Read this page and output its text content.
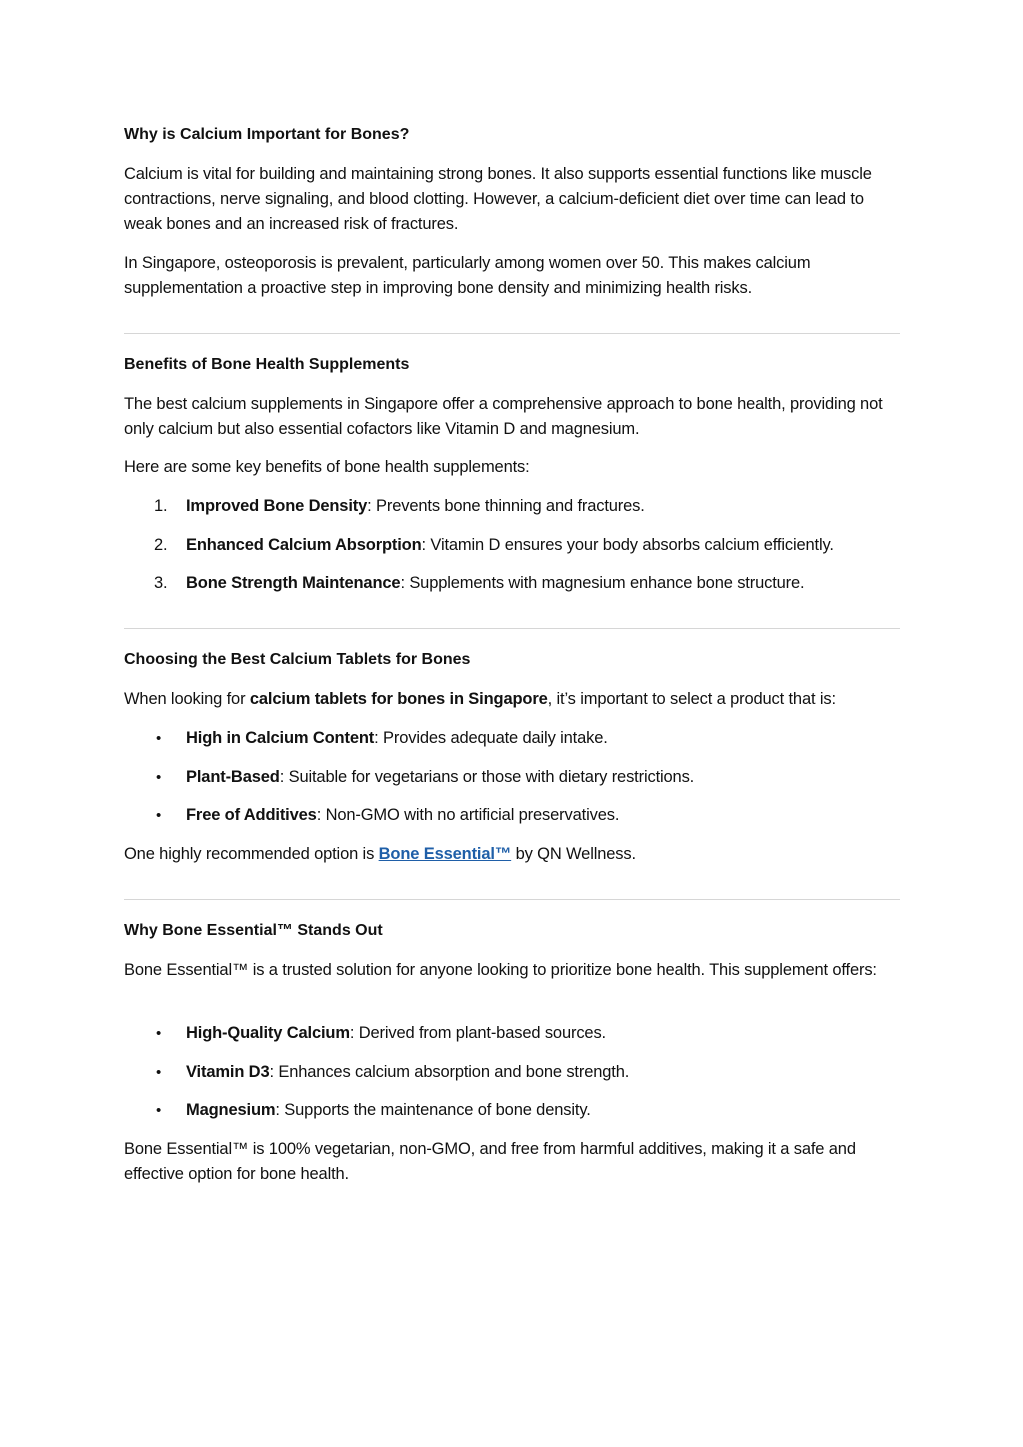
Why is Calcium Important for Bones?

Calcium is vital for building and maintaining strong bones. It also supports essential functions like muscle contractions, nerve signaling, and blood clotting. However, a calcium-deficient diet over time can lead to weak bones and an increased risk of fractures.

In Singapore, osteoporosis is prevalent, particularly among women over 50. This makes calcium supplementation a proactive step in improving bone density and minimizing health risks.

Benefits of Bone Health Supplements

The best calcium supplements in Singapore offer a comprehensive approach to bone health, providing not only calcium but also essential cofactors like Vitamin D and magnesium.

Here are some key benefits of bone health supplements:

1.	Improved Bone Density: Prevents bone thinning and fractures.
2.	Enhanced Calcium Absorption: Vitamin D ensures your body absorbs calcium efficiently.
3.	Bone Strength Maintenance: Supplements with magnesium enhance bone structure.
Choosing the Best Calcium Tablets for Bones

When looking for calcium tablets for bones in Singapore, it’s important to select a product that is:

•	High in Calcium Content: Provides adequate daily intake.
•	Plant-Based: Suitable for vegetarians or those with dietary restrictions.
•	Free of Additives: Non-GMO with no artificial preservatives.

One highly recommended option is Bone Essential™ by QN Wellness.

Why Bone Essential™ Stands Out

Bone Essential™ is a trusted solution for anyone looking to prioritize bone health. This supplement offers:

•	High-Quality Calcium: Derived from plant-based sources.
•	Vitamin D3: Enhances calcium absorption and bone strength.
•	Magnesium: Supports the maintenance of bone density.

Bone Essential™ is 100% vegetarian, non-GMO, and free from harmful additives, making it a safe and effective option for bone health.
